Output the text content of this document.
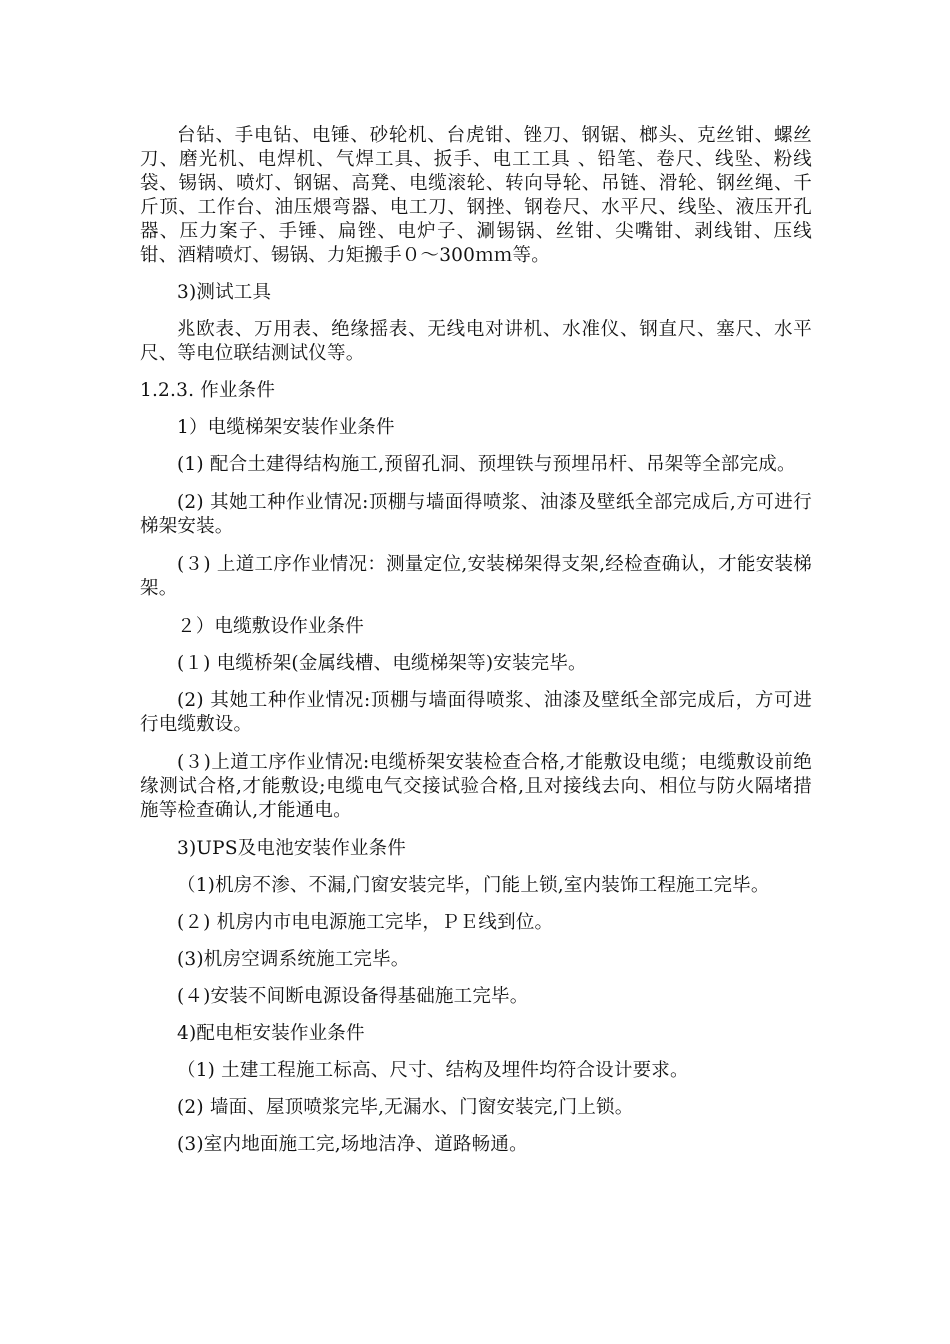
台钻、手电钻、电锤、砂轮机、台虎钳、锉刀、钢锯、榔头、克丝钳、螺丝刀、磨光机、电焊机、气焊工具、扳手、电工工具 、铅笔、卷尺、线坠、粉线袋、锡锅、喷灯、钢锯、高凳、电缆滚轮、转向导轮、吊链、滑轮、钢丝绳、千斤顶、工作台、油压煨弯器、电工刀、钢挫、钢卷尺、水平尺、线坠、液压开孔器、压力案子、手锤、扁锉、电炉子、涮锡锅、丝钳、尖嘴钳、剥线钳、压线钳、酒精喷灯、锡锅、力矩搬手０～300ｍｍ等。

3)测试工具

兆欧表、万用表、绝缘摇表、无线电对讲机、水准仪、钢直尺、塞尺、水平尺、等电位联结测试仪等。

1.2.3. 作业条件

1）电缆梯架安装作业条件

(1) 配合土建得结构施工,预留孔洞、预埋铁与预埋吊杆、吊架等全部完成。

(2) 其她工种作业情况:顶棚与墙面得喷浆、油漆及壁纸全部完成后,方可进行梯架安装。

(３) 上道工序作业情况：测量定位,安装梯架得支架,经检查确认，才能安装梯架。

２）电缆敷设作业条件

(１) 电缆桥架(金属线槽、电缆梯架等)安装完毕。

(2) 其她工种作业情况:顶棚与墙面得喷浆、油漆及壁纸全部完成后，方可进行电缆敷设。

(３)上道工序作业情况:电缆桥架安装检查合格,才能敷设电缆；电缆敷设前绝缘测试合格,才能敷设;电缆电气交接试验合格,且对接线去向、相位与防火隔堵措施等检查确认,才能通电。

3)UPS及电池安装作业条件

（1)机房不渗、不漏,门窗安装完毕，门能上锁,室内装饰工程施工完毕。

(２) 机房内市电电源施工完毕，ＰＥ线到位。

(3)机房空调系统施工完毕。

(４)安装不间断电源设备得基础施工完毕。

4)配电柜安装作业条件

（1) 土建工程施工标高、尺寸、结构及埋件均符合设计要求。

(2) 墙面、屋顶喷浆完毕,无漏水、门窗安装完,门上锁。

(3)室内地面施工完,场地洁净、道路畅通。
